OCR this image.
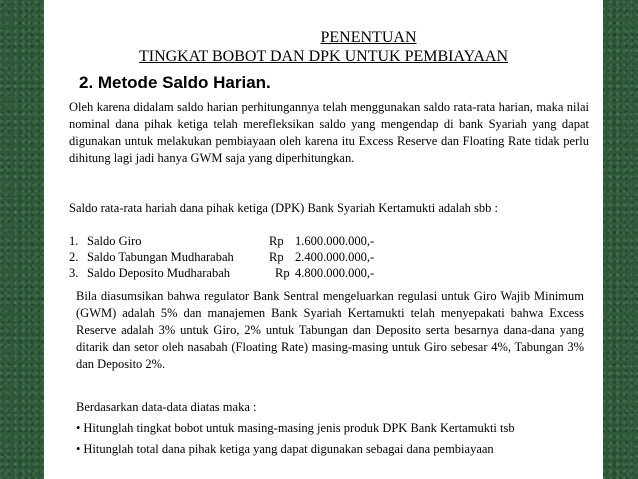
PENENTUAN
TINGKAT BOBOT DAN DPK UNTUK PEMBIAYAAN
2. Metode Saldo Harian.
Oleh karena didalam saldo harian perhitungannya telah menggunakan saldo rata-rata harian, maka nilai nominal dana pihak ketiga telah merefleksikan saldo yang mengendap di bank Syariah yang dapat digunakan untuk melakukan pembiayaan oleh karena itu Excess Reserve dan Floating Rate tidak perlu dihitung lagi jadi hanya GWM saja yang diperhitungkan.
Saldo rata-rata hariah dana pihak ketiga (DPK) Bank Syariah Kertamukti adalah sbb :
1. Saldo Giro	Rp 1.600.000.000,-
2. Saldo Tabungan Mudharabah	Rp 2.400.000.000,-
3. Saldo Deposito Mudharabah	Rp 4.800.000.000,-
Bila diasumsikan bahwa regulator Bank Sentral mengeluarkan regulasi untuk Giro Wajib Minimum (GWM) adalah 5% dan manajemen Bank Syariah Kertamukti telah menyepakati bahwa Excess Reserve adalah 3% untuk Giro, 2% untuk Tabungan dan Deposito serta besarnya dana-dana yang ditarik dan setor oleh nasabah (Floating Rate) masing-masing untuk Giro sebesar 4%, Tabungan 3% dan Deposito 2%.
Berdasarkan data-data diatas maka :
• Hitunglah tingkat bobot untuk masing-masing jenis produk DPK Bank Kertamukti tsb
• Hitunglah total dana pihak ketiga yang dapat digunakan sebagai dana pembiayaan
